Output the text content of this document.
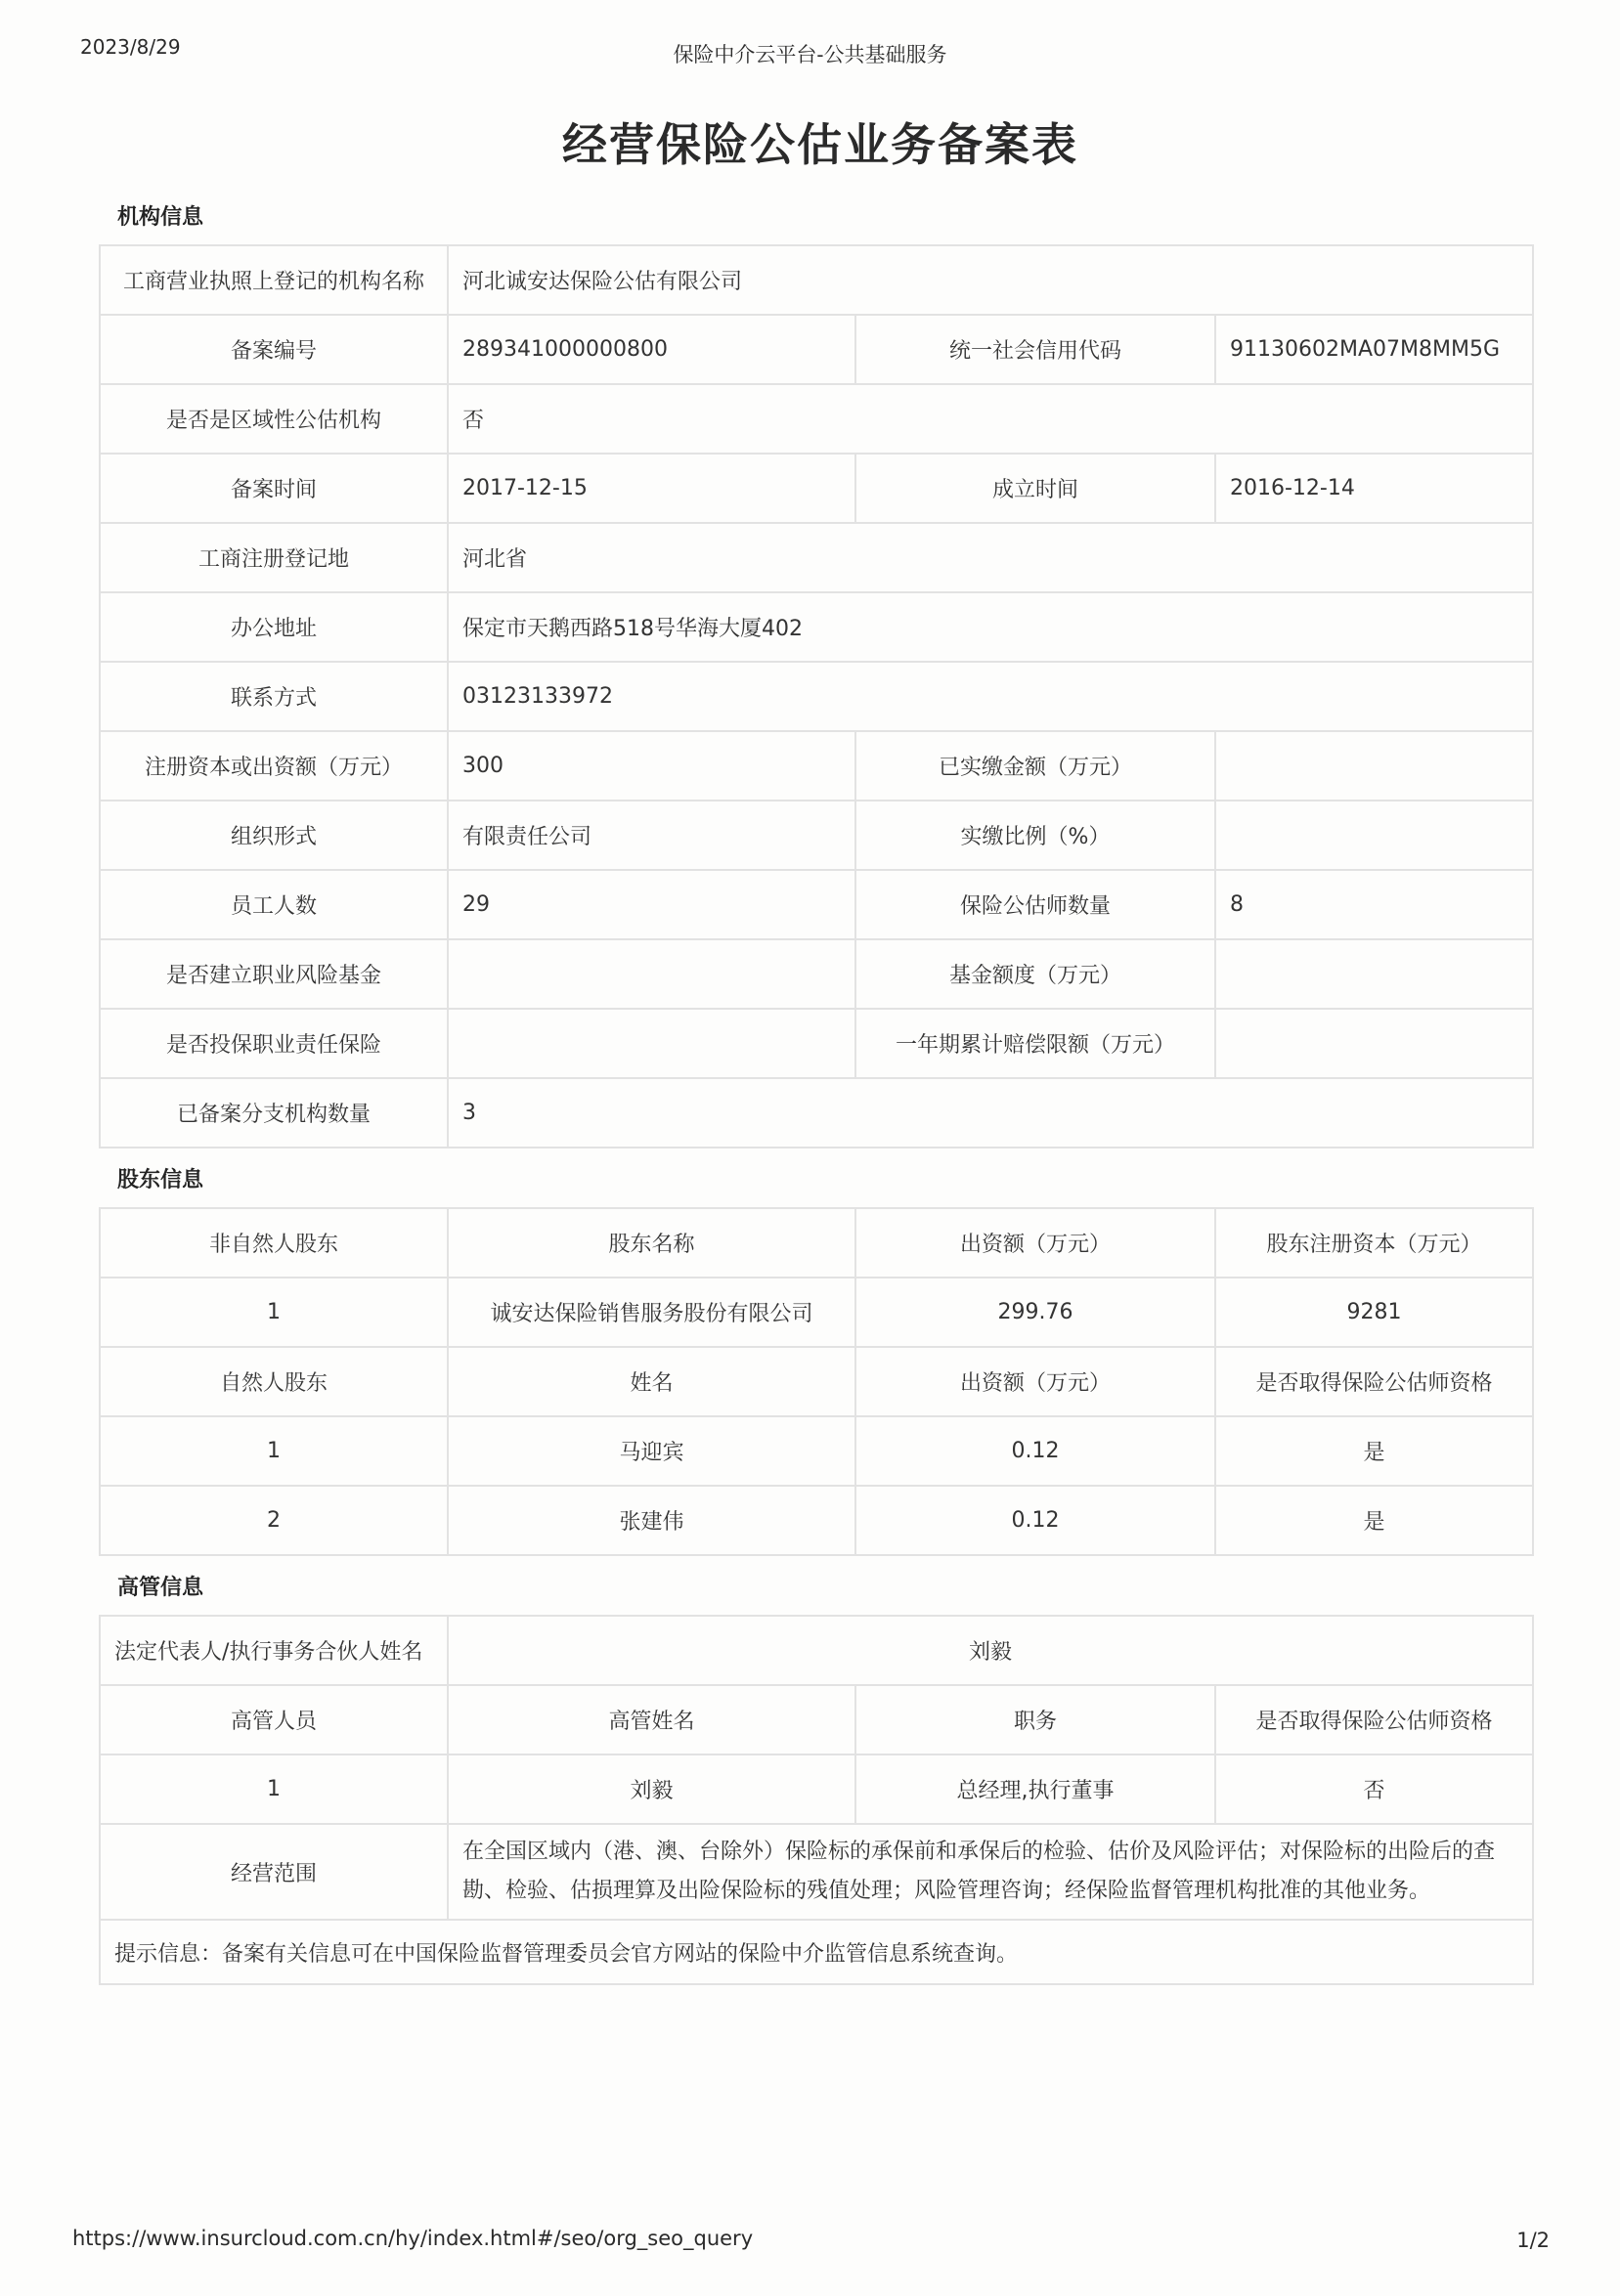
2023/8/29	保险中介云平台-公共基础服务
经营保险公估业务备案表
机构信息			
工商营业执照上登记的机构名称	河北诚安达保险公估有限公司		
备案编号	289341000000800	统一社会信用代码	91130602MA07M8MM5G
是否是区域性公估机构	否		
备案时间	2017-12-15	成立时间	2016-12-14
工商注册登记地	河北省		
办公地址	保定市天鹅西路518号华海大厦402		
联系方式	03123133972		
注册资本或出资额（万元）	300	已实缴金额（万元）	
组织形式	有限责任公司	实缴比例（%）	
员工人数	29	保险公估师数量	8
是否建立职业风险基金		基金额度（万元）	
是否投保职业责任保险		一年期累计赔偿限额（万元）	
已备案分支机构数量	3		
股东信息			
非自然人股东	股东名称	出资额（万元）	股东注册资本（万元）
1	诚安达保险销售服务股份有限公司	299.76	9281
自然人股东	姓名	出资额（万元）	是否取得保险公估师资格
1	马迎宾	0.12	是
2	张建伟	0.12	是
高管信息			
法定代表人/执行事务合伙人姓名	刘毅		
高管人员	高管姓名	职务	是否取得保险公估师资格
1	刘毅	总经理,执行董事	否
经营范围	在全国区域内（港、澳、台除外）保险标的承保前和承保后的检验、估价及风险评估；对保险标的出险后的查勘、检验、估损理算及出险保险标的残值处理；风险管理咨询；经保险监督管理机构批准的其他业务。		
提示信息：备案有关信息可在中国保险监督管理委员会官方网站的保险中介监管信息系统查询。			
https://www.insurcloud.com.cn/hy/index.html#/seo/org_seo_query	1/2
